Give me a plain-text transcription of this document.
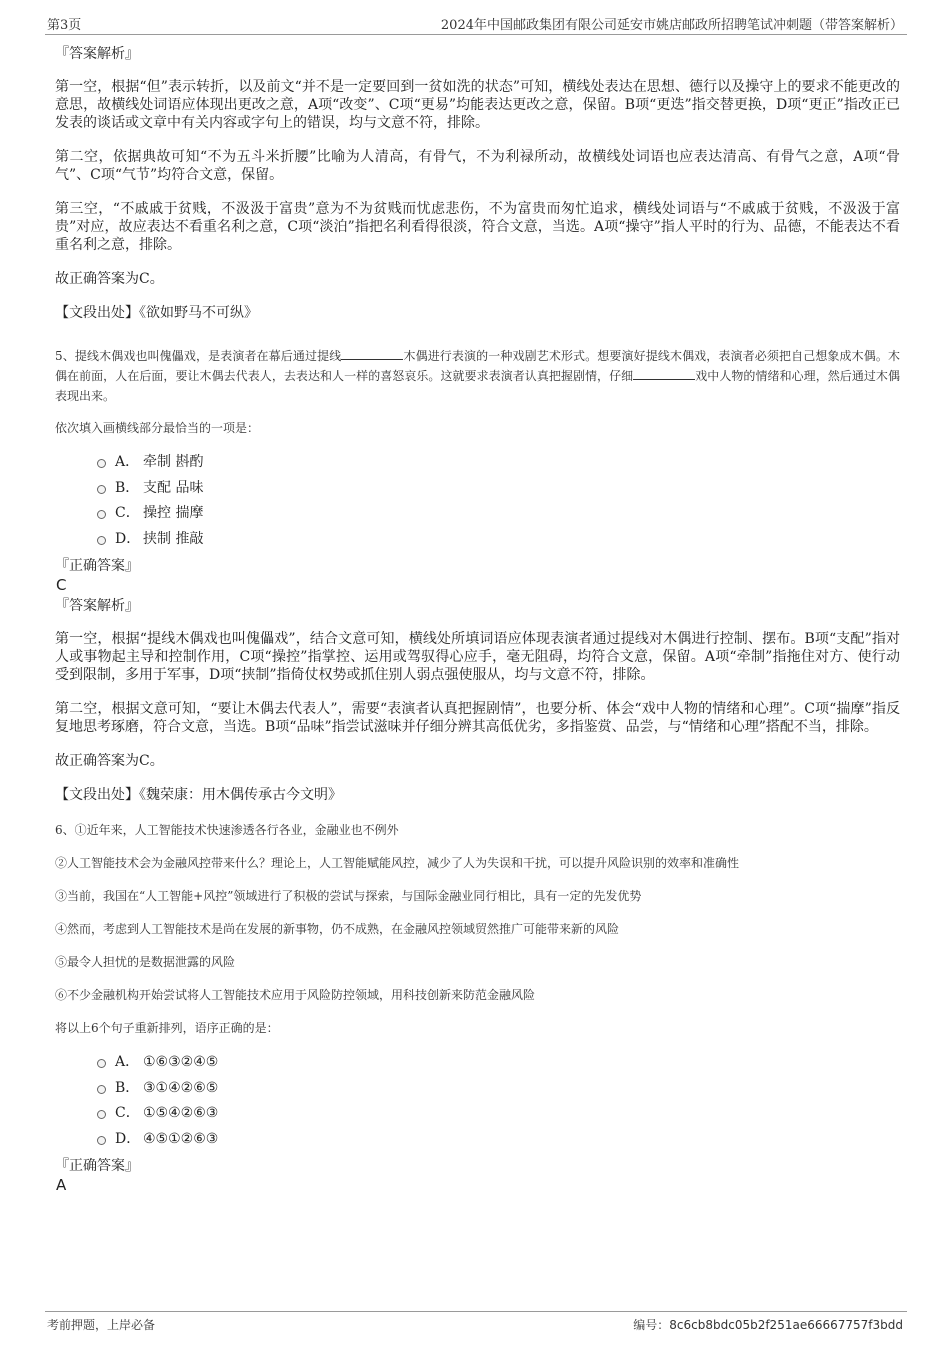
第3页	2024年中国邮政集团有限公司延安市姚店邮政所招聘笔试冲刺题（带答案解析）

『答案解析』

第一空，根据“但”表示转折，以及前文“并不是一定要回到一贫如洗的状态”可知，横线处表达在思想、德行以及操守上的要求不能更改的意思，故横线处词语应体现出更改之意，A项“改变”、C项“更易”均能表达更改之意，保留。B项“更迭”指交替更换，D项“更正”指改正已发表的谈话或文章中有关内容或字句上的错误，均与文意不符，排除。

第二空，依据典故可知“不为五斗米折腰”比喻为人清高，有骨气，不为利禄所动，故横线处词语也应表达清高、有骨气之意，A项“骨气”、C项“气节”均符合文意，保留。

第三空，“不戚戚于贫贱，不汲汲于富贵”意为不为贫贱而忧虑悲伤，不为富贵而匆忙追求，横线处词语与“不戚戚于贫贱，不汲汲于富贵”对应，故应表达不看重名利之意，C项“淡泊”指把名利看得很淡，符合文意，当选。A项“操守”指人平时的行为、品德，不能表达不看重名利之意，排除。

故正确答案为C。

【文段出处】《欲如野马不可纵》

5、提线木偶戏也叫傀儡戏，是表演者在幕后通过提线	木偶进行表演的一种戏剧艺术形式。想要演好提线木偶戏，表演者必须把自己想象成木偶。木偶在前面，人在后面，要让木偶去代表人，去表达和人一样的喜怒哀乐。这就要求表演者认真把握剧情，仔细	戏中人物的情绪和心理，然后通过木偶表现出来。

依次填入画横线部分最恰当的一项是：

A． 牵制 斟酌
B． 支配 品味
C． 操控 揣摩
D． 挟制 推敲

『正确答案』

C

『答案解析』

第一空，根据“提线木偶戏也叫傀儡戏”，结合文意可知，横线处所填词语应体现表演者通过提线对木偶进行控制、摆布。B项“支配”指对人或事物起主导和控制作用，C项“操控”指掌控、运用或驾驭得心应手，毫无阻碍，均符合文意，保留。A项“牵制”指拖住对方、使行动受到限制，多用于军事，D项“挟制”指倚仗权势或抓住别人弱点强使服从，均与文意不符，排除。

第二空，根据文意可知，“要让木偶去代表人”，需要“表演者认真把握剧情”，也要分析、体会“戏中人物的情绪和心理”。C项“揣摩”指反复地思考琢磨，符合文意，当选。B项“品味”指尝试滋味并仔细分辨其高低优劣，多指鉴赏、品尝，与“情绪和心理”搭配不当，排除。

故正确答案为C。

【文段出处】《魏荣康：用木偶传承古今文明》

6、①近年来，人工智能技术快速渗透各行各业，金融业也不例外

②人工智能技术会为金融风控带来什么？理论上，人工智能赋能风控，减少了人为失误和干扰，可以提升风险识别的效率和准确性

③当前，我国在“人工智能+风控”领域进行了积极的尝试与探索，与国际金融业同行相比，具有一定的先发优势

④然而，考虑到人工智能技术是尚在发展的新事物，仍不成熟，在金融风控领域贸然推广可能带来新的风险

⑤最令人担忧的是数据泄露的风险

⑥不少金融机构开始尝试将人工智能技术应用于风险防控领域，用科技创新来防范金融风险

将以上6个句子重新排列，语序正确的是：

A． ①⑥③②④⑤
B． ③①④②⑥⑤
C． ①⑤④②⑥③
D． ④⑤①②⑥③

『正确答案』

A

考前押题，上岸必备	编号：8c6cb8bdc05b2f251ae66667757f3bdd
